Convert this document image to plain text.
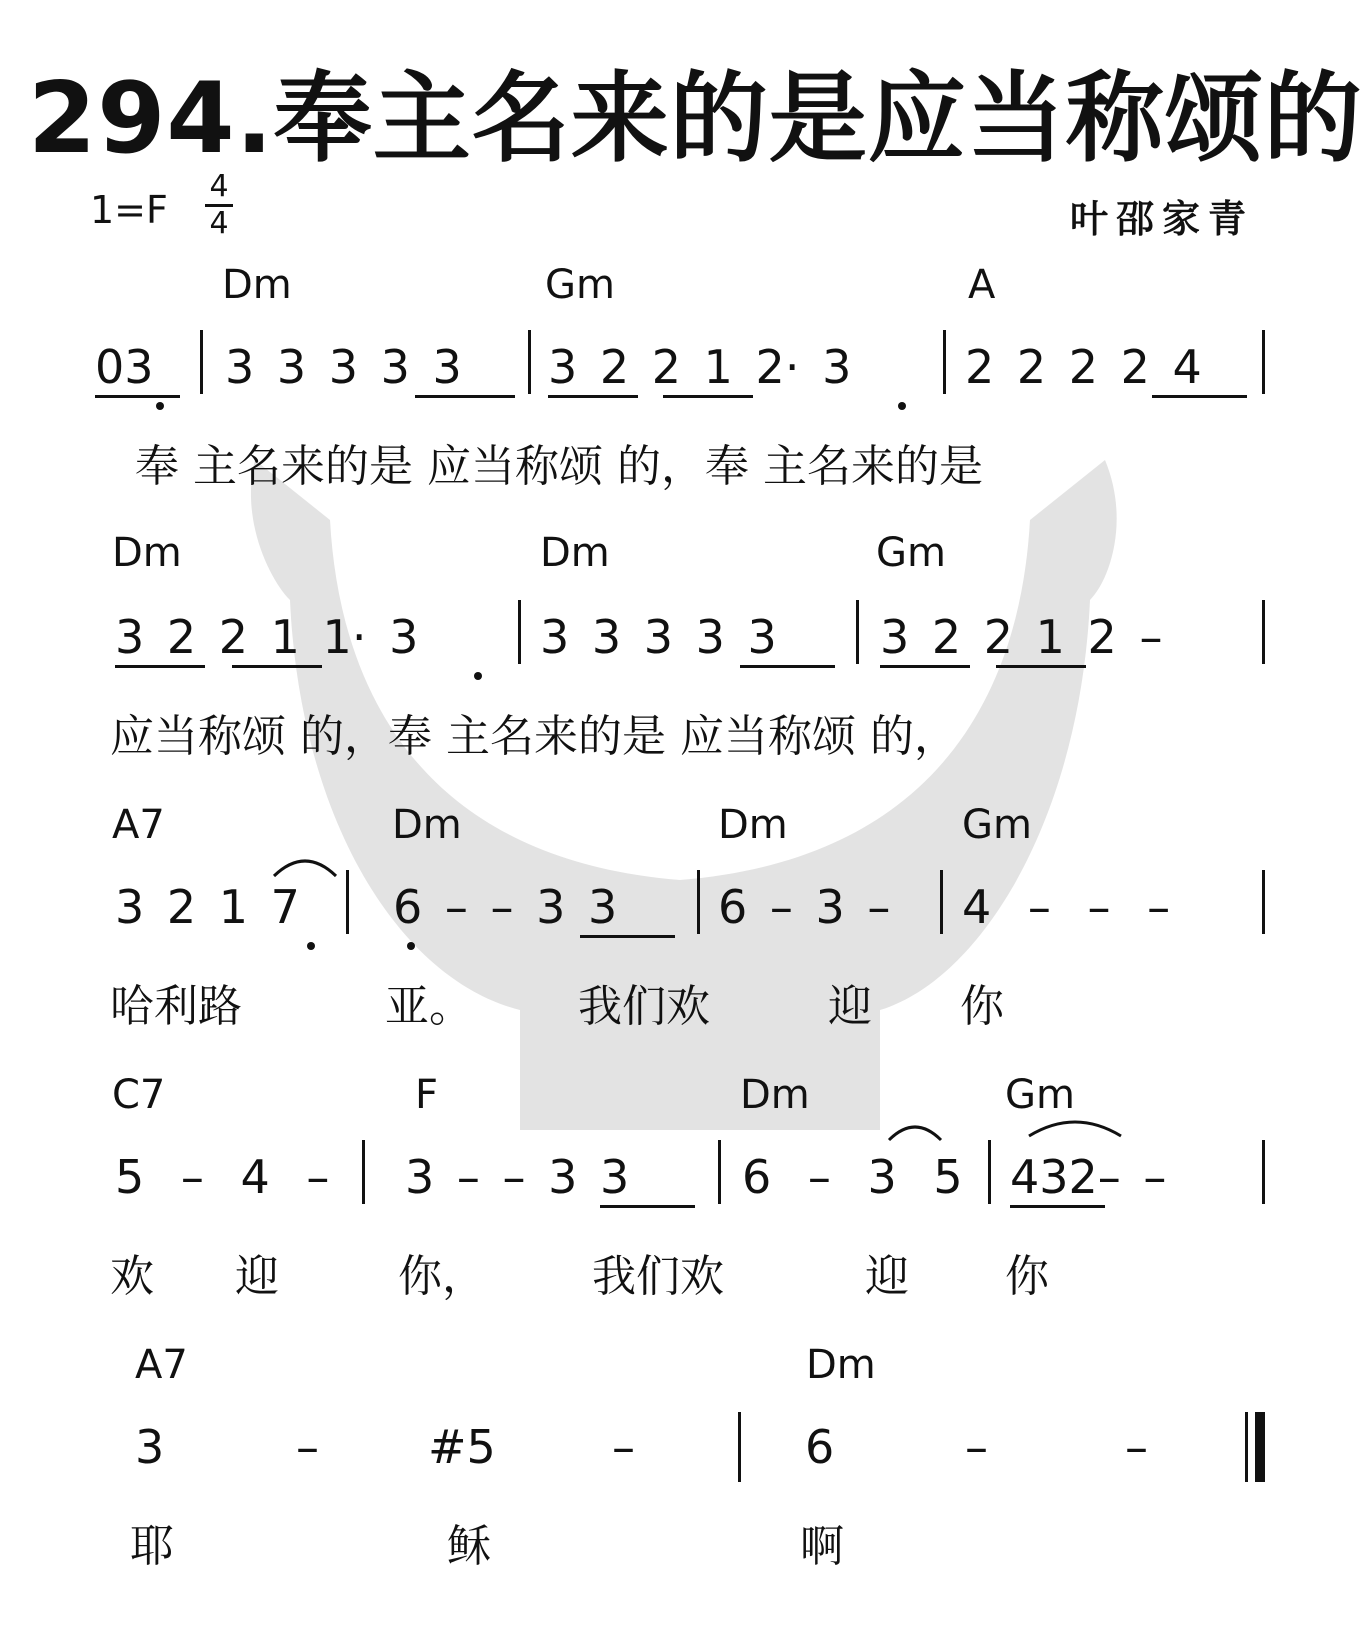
294.奉主名来的是应当称颂的
1=F
4
4	叶邵家青
Dm	Gm	A
03 3 3 3 3 3 3 2 2 1 2· 3 2 2 2 2 4
奉 主名来的是 应当称颂 的，奉 主名来的是
Dm	Dm	Gm
3 2 2 1 1· 3	3 3 3 3 3 3 2 2 1 2 –
应当称颂 的，奉 主名来的是 应当称颂 的，
A7	Dm	Dm	Gm
3 2 1 7 6 – – 3 3 6 – 3 – 4 – – –
哈利路	亚。 我们欢	迎 你
C7	F	Dm	Gm
5 – 4 – 3 – – 3 3 6 – 3 5 432– –
欢 迎	你， 我们欢	迎 你
A7	Dm
3	– #5	–	6	–	–
耶	稣	啊
